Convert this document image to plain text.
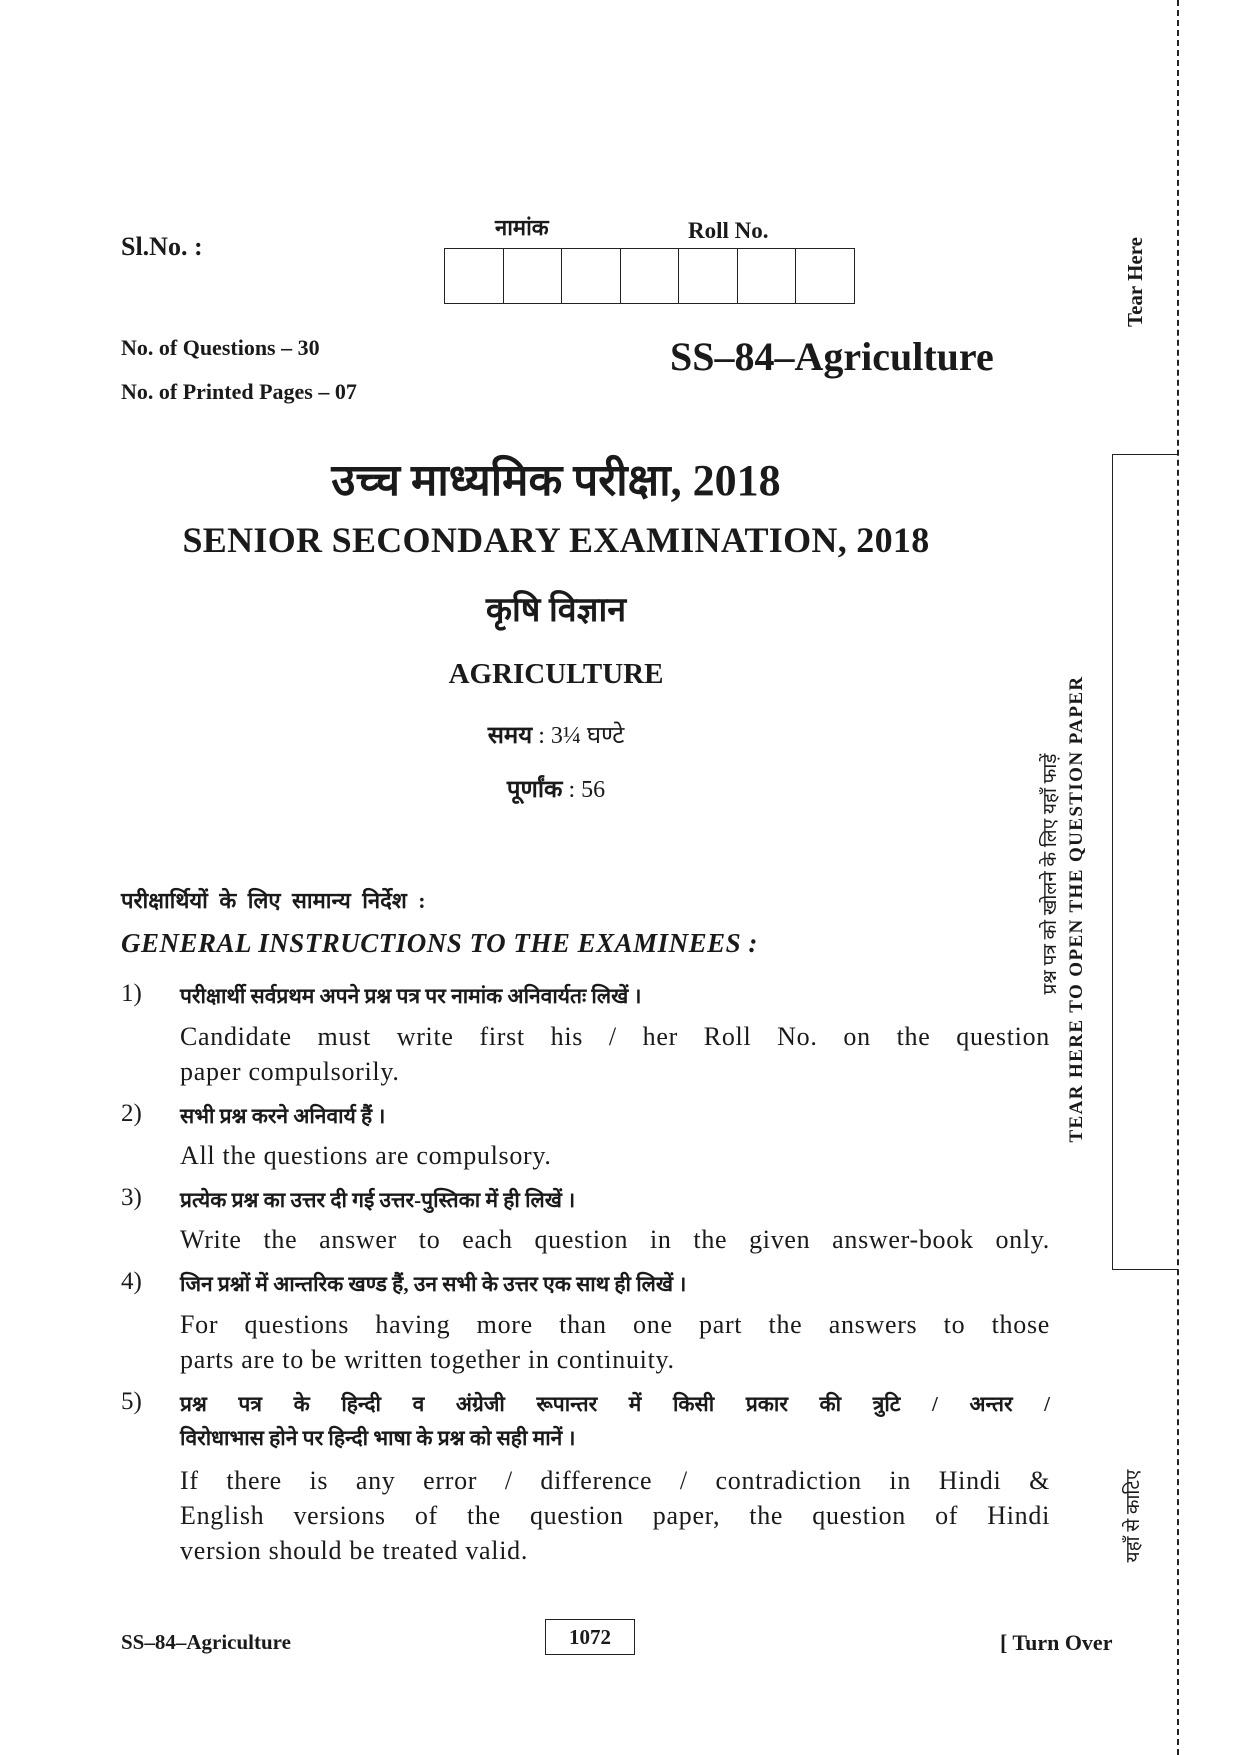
Sl.No. :
नामांक	Roll No.
No. of Questions – 30
No. of Printed Pages – 07
SS–84–Agriculture
उच्च माध्यमिक परीक्षा, 2018
SENIOR SECONDARY EXAMINATION, 2018
कृषि विज्ञान
AGRICULTURE
समय : 3¼ घण्टे
पूर्णांक : 56
परीक्षार्थियों के लिए सामान्य निर्देश :
GENERAL INSTRUCTIONS TO THE EXAMINEES :
1) परीक्षार्थी सर्वप्रथम अपने प्रश्न पत्र पर नामांक अनिवार्यतः लिखें ।
Candidate must write first his / her Roll No. on the question
paper compulsorily.
2) सभी प्रश्न करने अनिवार्य हैं ।
All the questions are compulsory.
3) प्रत्येक प्रश्न का उत्तर दी गई उत्तर-पुस्तिका में ही लिखें ।
Write the answer to each question in the given answer-book only.
4) जिन प्रश्नों में आन्तरिक खण्ड हैं, उन सभी के उत्तर एक साथ ही लिखें ।
For questions having more than one part the answers to those
parts are to be written together in continuity.
5) प्रश्न पत्र के हिन्दी व अंग्रेजी रूपान्तर में किसी प्रकार की त्रुटि / अन्तर /
विरोधाभास होने पर हिन्दी भाषा के प्रश्न को सही मानें ।
If there is any error / difference / contradiction in Hindi &
English versions of the question paper, the question of Hindi
version should be treated valid.
SS–84–Agriculture	1072	[ Turn Over
Tear Here
प्रश्न पत्र को खोलने के लिए यहाँ फाड़ें TEAR HERE TO OPEN THE QUESTION PAPER
यहाँ से काटिए
